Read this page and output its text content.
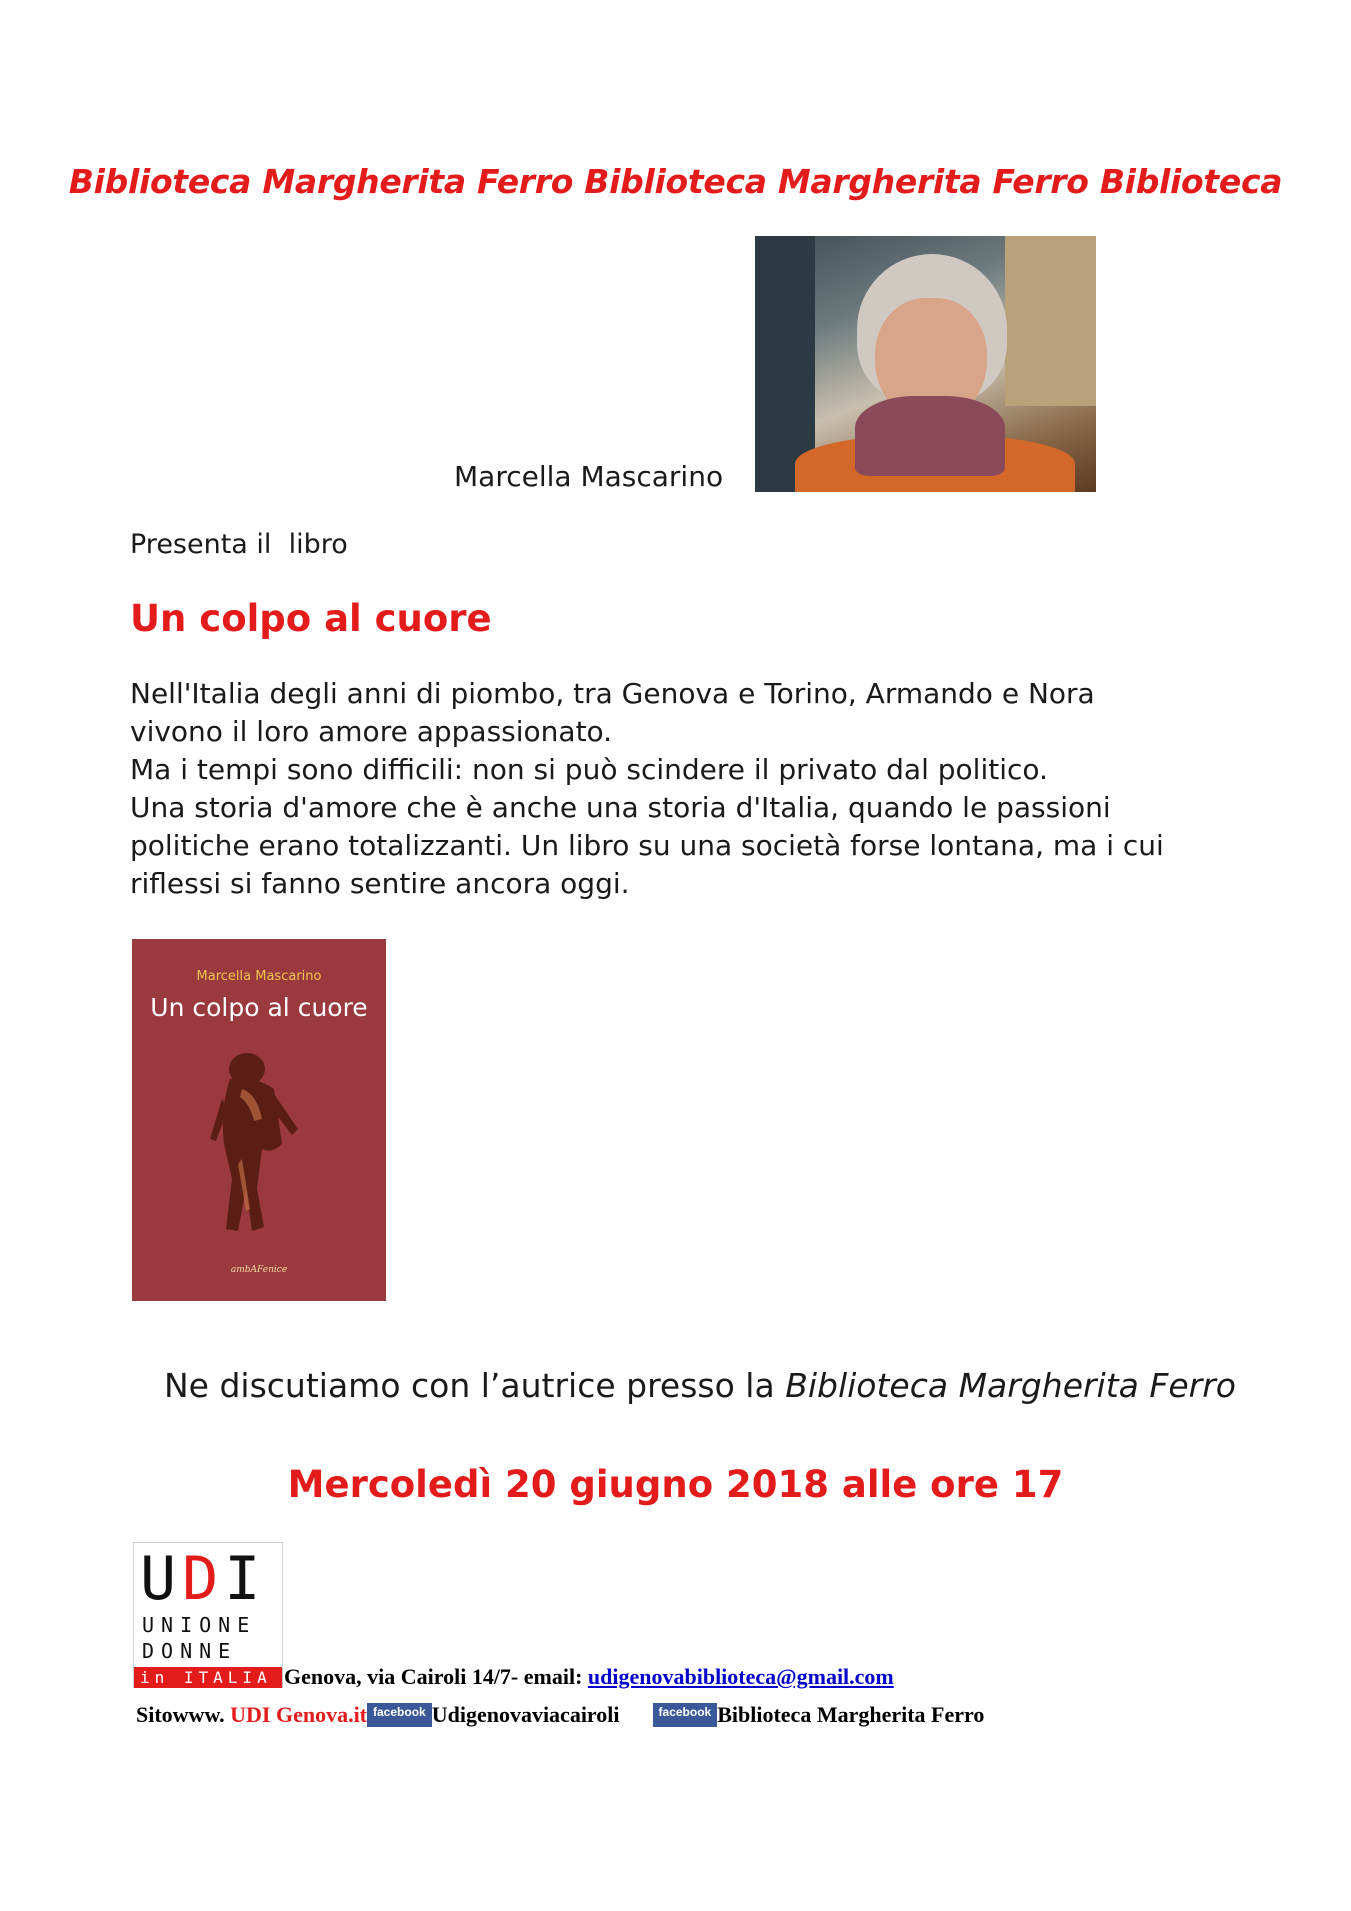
Biblioteca Margherita Ferro Biblioteca Margherita Ferro Biblioteca
Marcella Mascarino
Presenta il  libro
Un colpo al cuore

Nell'Italia degli anni di piombo, tra Genova e Torino, Armando e Nora

vivono il loro amore appassionato.

Ma i tempi sono difficili: non si può scindere il privato dal politico.

Una storia d'amore che è anche una storia d'Italia, quando le passioni

politiche erano totalizzanti. Un libro su una società forse lontana, ma i cui

riflessi si fanno sentire ancora oggi.

Marcella Mascarino
Un colpo al cuore
ambAFenice
Ne discutiamo con l’autrice presso la Biblioteca Margherita Ferro
Mercoledì 20 giugno 2018 alle ore 17
UDI
UNIONE
DONNE
in ITALIA Genova, via Cairoli 14/7- email: udigenovabiblioteca@gmail.com
Sitowww. UDI Genova.it facebook Udigenovaviacairoli	facebook Biblioteca Margherita Ferro
